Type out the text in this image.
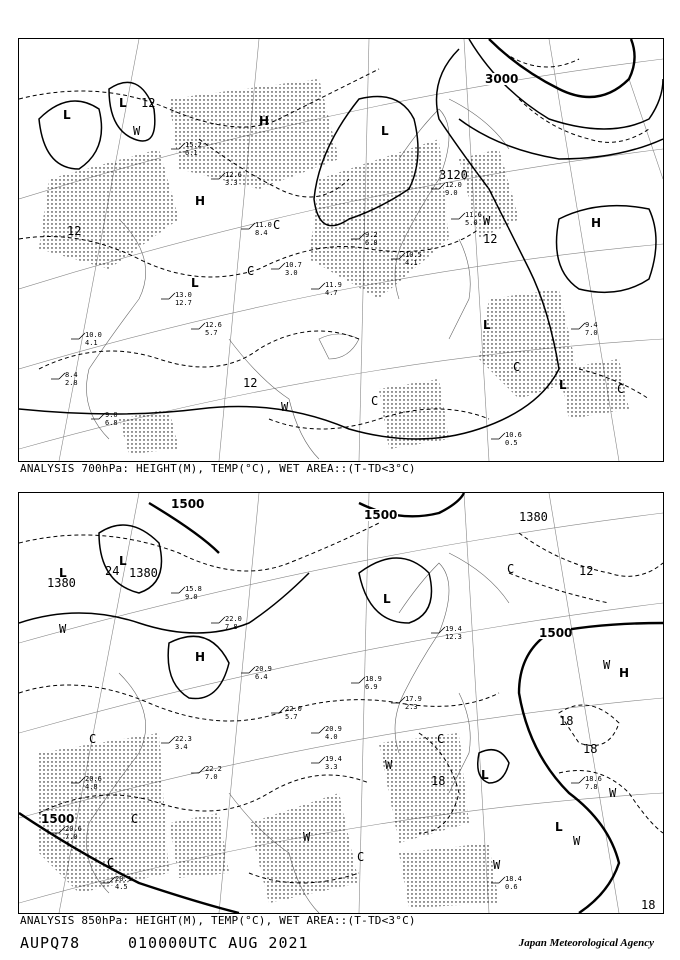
15.2
6.1
12.6
3.3
11.0
8.4
10.7
3.0
11.9
4.7
9.2
6.8
10.5
4.1
12.0
9.0
11.6
5.0
13.0
12.7
12.6
5.7
10.0
4.1
8.4
2.8
9.0
6.8
9.4
7.0
10.6
0.5
3000
3120
12
12
12
12
L
L
L
L
L
L
H
H
H
W
W
W
C
C
C
C
C
ANALYSIS 700hPa: HEIGHT(M), TEMP(°C), WET AREA::(T-TD<3°C)
15.8
9.0
22.0
7.8
20.9
6.4
22.0
5.7
20.9
4.0
18.9
6.9
17.9
2.3
19.4
12.3
22.3
3.4
22.2
7.0
20.6
4.8
20.6
7.0
20.1
4.5
18.6
7.8
18.4
0.6
19.4
3.3
1500
1500
1500
1500
1380
1380
1380
24	12
18
18
18
18
L
L
L
L
L
H
H
W
W
W
W
W
W
W
C
C
C
C
C
C
ANALYSIS 850hPa: HEIGHT(M), TEMP(°C), WET AREA::(T-TD<3°C)
AUPQ78	010000UTC AUG 2021	Japan Meteorological Agency
